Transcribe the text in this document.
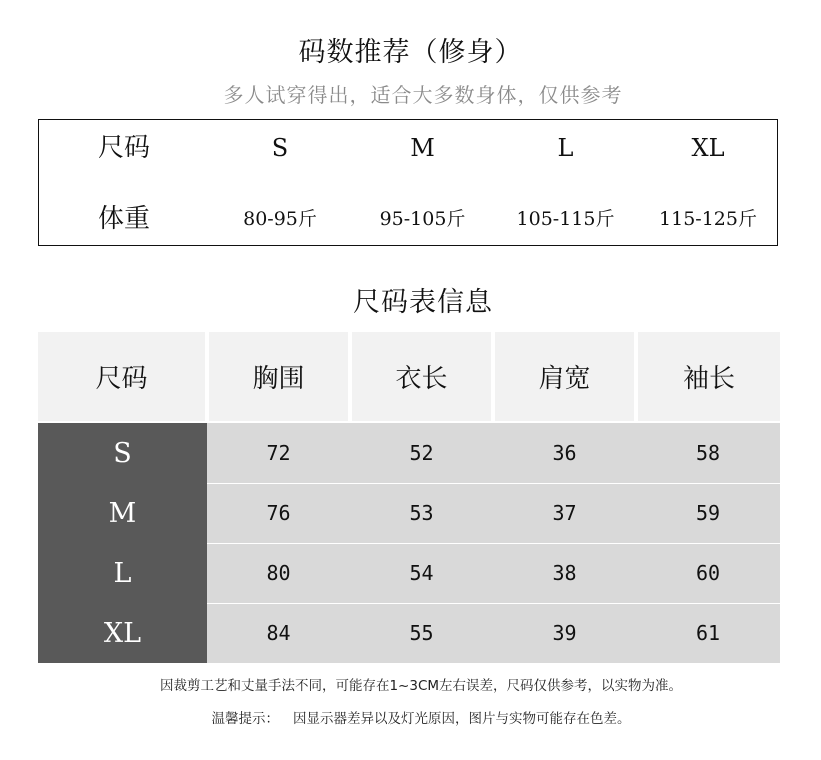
码数推荐（修身）
多人试穿得出，适合大多数身体，仅供参考
尺码	S	M	L	XL
体重	80-95斤	95-105斤	105-115斤	115-125斤
尺码表信息
尺码	胸围	衣长	肩宽	袖长
S	72	52	36	58
M	76	53	37	59
L	80	54	38	60
XL	84	55	39	61
因裁剪工艺和丈量手法不同，可能存在1~3CM左右误差，尺码仅供参考，以实物为准。
温馨提示： 因显示器差异以及灯光原因，图片与实物可能存在色差。
